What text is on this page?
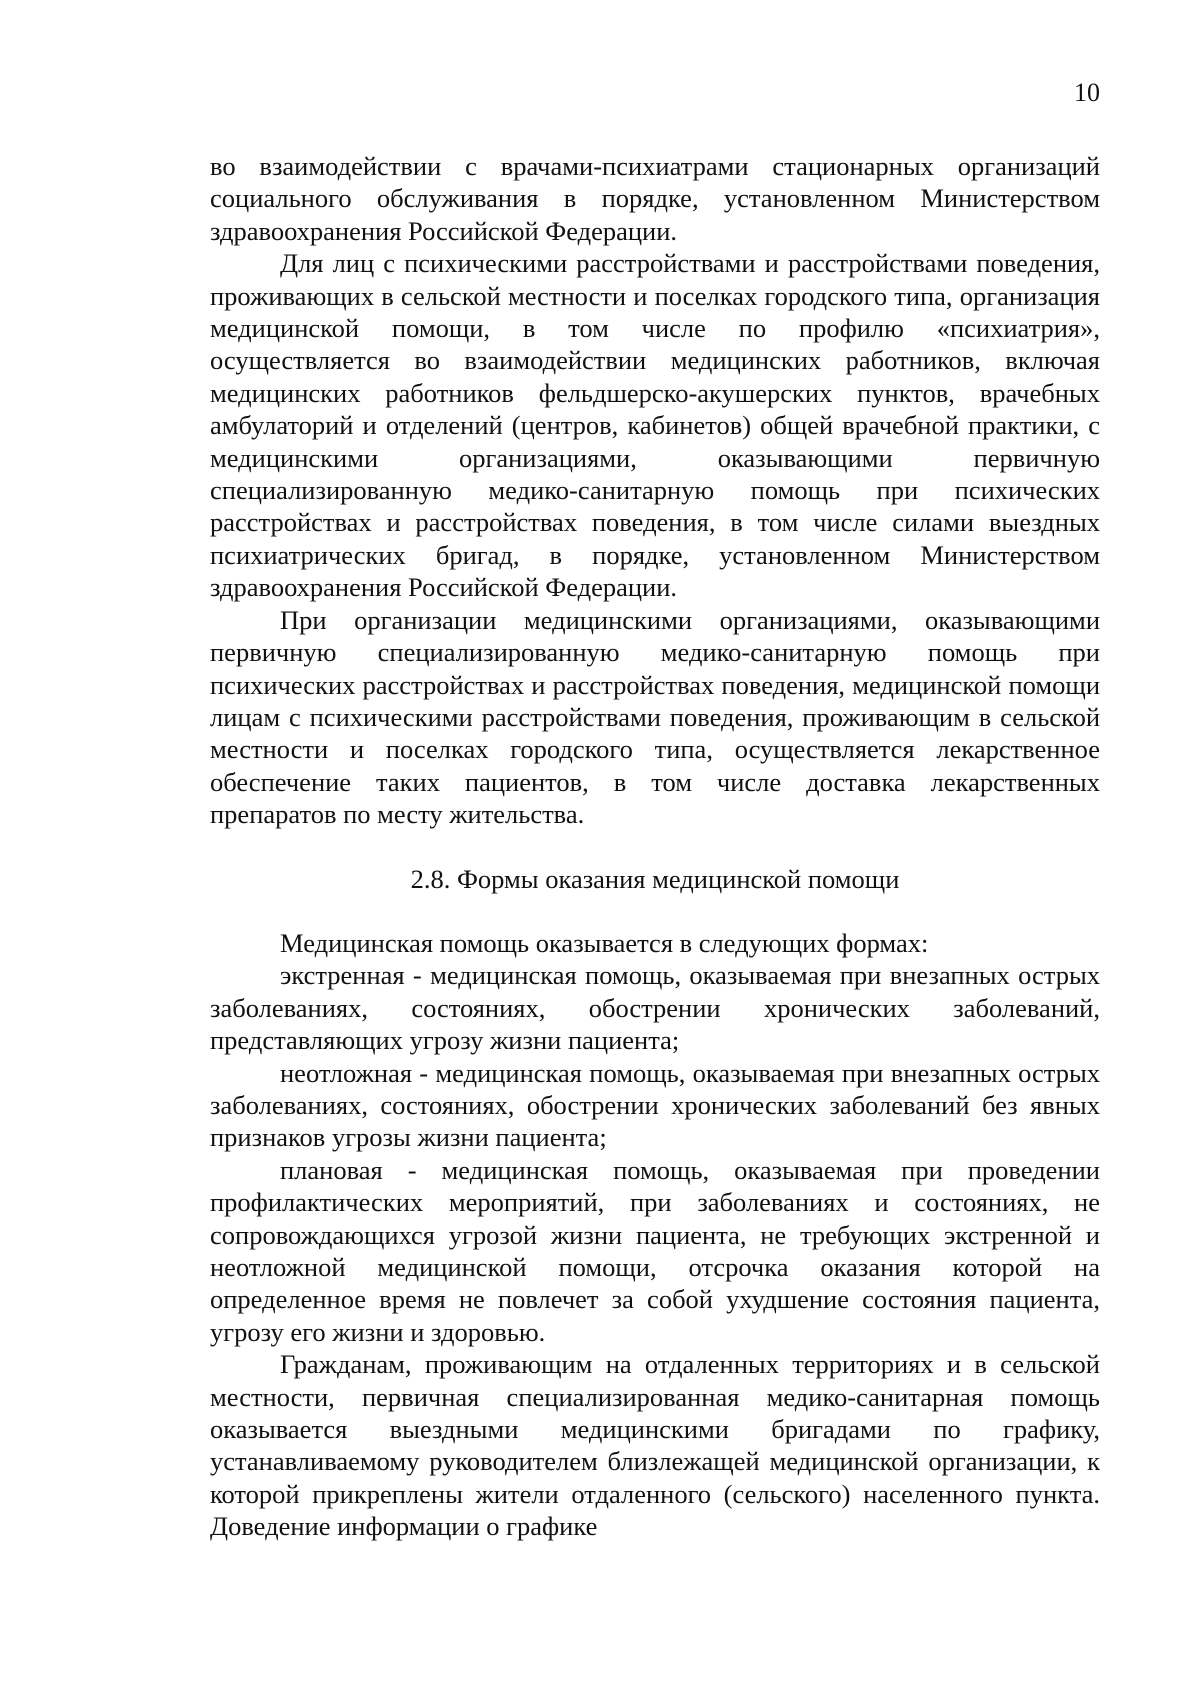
10

во взаимодействии с врачами-психиатрами стационарных организаций социального обслуживания в порядке, установленном Министерством здравоохранения Российской Федерации.

Для лиц с психическими расстройствами и расстройствами поведения, проживающих в сельской местности и поселках городского типа, организация медицинской помощи, в том числе по профилю «психиатрия», осуществляется во взаимодействии медицинских работников, включая медицинских работников фельдшерско-акушерских пунктов, врачебных амбулаторий и отделений (центров, кабинетов) общей врачебной практики, с медицинскими организациями, оказывающими первичную специализированную медико-санитарную помощь при психических расстройствах и расстройствах поведения, в том числе силами выездных психиатрических бригад, в порядке, установленном Министерством здравоохранения Российской Федерации.

При организации медицинскими организациями, оказывающими первичную специализированную медико-санитарную помощь при психических расстройствах и расстройствах поведения, медицинской помощи лицам с психическими расстройствами поведения, проживающим в сельской местности и поселках городского типа, осуществляется лекарственное обеспечение таких пациентов, в том числе доставка лекарственных препаратов по месту жительства.

2.8. Формы оказания медицинской помощи

Медицинская помощь оказывается в следующих формах:

экстренная - медицинская помощь, оказываемая при внезапных острых заболеваниях, состояниях, обострении хронических заболеваний, представляющих угрозу жизни пациента;

неотложная - медицинская помощь, оказываемая при внезапных острых заболеваниях, состояниях, обострении хронических заболеваний без явных признаков угрозы жизни пациента;

плановая - медицинская помощь, оказываемая при проведении профилактических мероприятий, при заболеваниях и состояниях, не сопровождающихся угрозой жизни пациента, не требующих экстренной и неотложной медицинской помощи, отсрочка оказания которой на определенное время не повлечет за собой ухудшение состояния пациента, угрозу его жизни и здоровью.

Гражданам, проживающим на отдаленных территориях и в сельской местности, первичная специализированная медико-санитарная помощь оказывается выездными медицинскими бригадами по графику, устанавливаемому руководителем близлежащей медицинской организации, к которой прикреплены жители отдаленного (сельского) населенного пункта. Доведение информации о графике
